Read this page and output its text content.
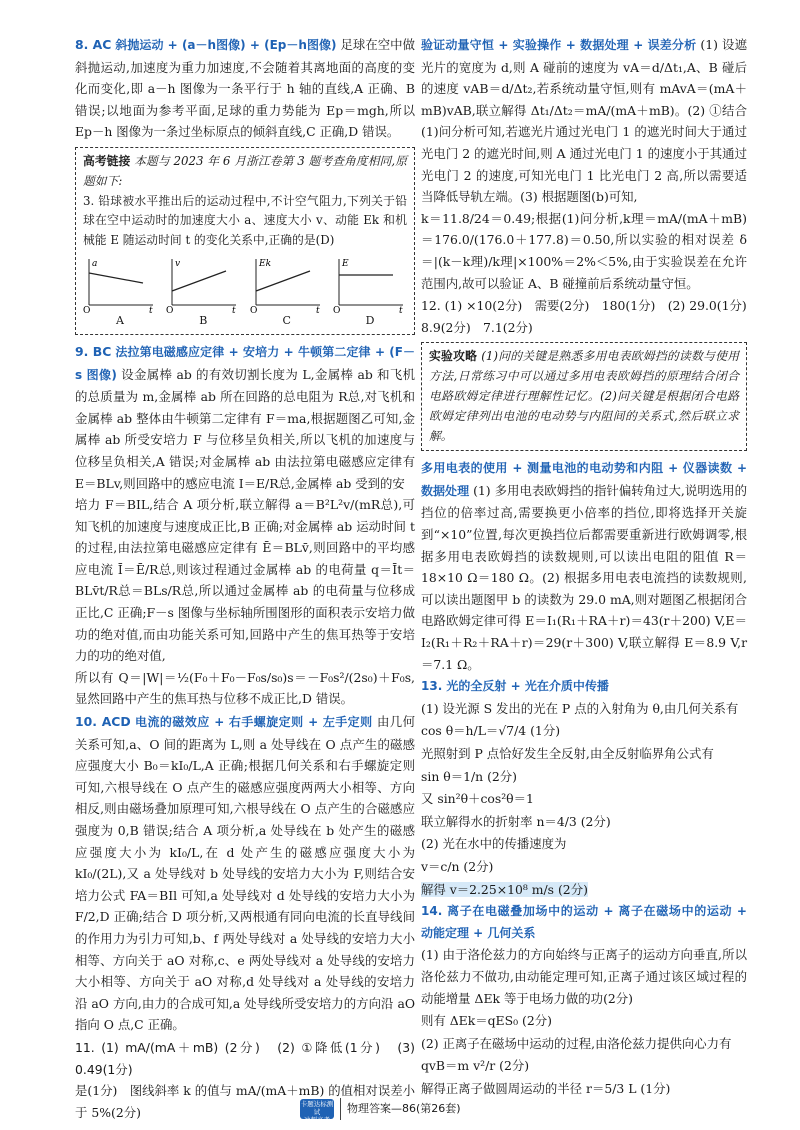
8. AC 斜抛运动 + (a－h图像) + (Ep－h图像) 足球在空中做斜抛运动,加速度为重力加速度,不会随着其离地面的高度的变化而变化,即 a－h 图像为一条平行于 h 轴的直线,A 正确、B 错误;以地面为参考平面,足球的重力势能为 Ep＝mgh,所以 Ep－h 图像为一条过坐标原点的倾斜直线,C 正确,D 错误。

高考链接 本题与 2023 年 6 月浙江卷第 3 题考查角度相同,原题如下:

3. 铅球被水平推出后的运动过程中,不计空气阻力,下列关于铅球在空中运动时的加速度大小 a、速度大小 v、动能 Ek 和机械能 E 随运动时间 t 的变化关系中,正确的是(D)

a
O	t
A
v
O	t
B
Ek
O	t
C
E
O	t
D

9. BC 法拉第电磁感应定律 + 安培力 + 牛顿第二定律 + (F－s 图像) 设金属棒 ab 的有效切割长度为 L,金属棒 ab 和飞机的总质量为 m,金属棒 ab 所在回路的总电阻为 R总,对飞机和金属棒 ab 整体由牛顿第二定律有 F＝ma,根据题图乙可知,金属棒 ab 所受安培力 F 与位移呈负相关,所以飞机的加速度与位移呈负相关,A 错误;对金属棒 ab 由法拉第电磁感应定律有 E＝BLv,则回路中的感应电流 I＝E/R总,金属棒 ab 受到的安

培力 F＝BIL,结合 A 项分析,联立解得 a＝B²L²v/(mR总),可知飞机的加速度与速度成正比,B 正确;对金属棒 ab 运动时间 t 的过程,由法拉第电磁感应定律有 Ē＝BLv̄,则回路中的平均感应电流 Ī＝Ē/R总,则该过程通过金属棒 ab 的电荷量 q＝Īt＝BLv̄t/R总＝BLs/R总,所以通过金属棒 ab 的电荷量与位移成正比,C 正确;F－s 图像与坐标轴所围图形的面积表示安培力做功的绝对值,而由功能关系可知,回路中产生的焦耳热等于安培力的功的绝对值,

所以有 Q＝|W|＝½(F₀＋F₀－F₀s/s₀)s＝－F₀s²/(2s₀)＋F₀s,显然回路中产生的焦耳热与位移不成正比,D 错误。

10. ACD 电流的磁效应 + 右手螺旋定则 + 左手定则 由几何关系可知,a、O 间的距离为 L,则 a 处导线在 O 点产生的磁感应强度大小 B₀＝kI₀/L,A 正确;根据几何关系和右手螺旋定则可知,六根导线在 O 点产生的磁感应强度两两大小相等、方向相反,则由磁场叠加原理可知,六根导线在 O 点产生的合磁感应强度为 0,B 错误;结合 A 项分析,a 处导线在 b 处产生的磁感应强度大小为 kI₀/L,在 d 处产生的磁感应强度大小为 kI₀/(2L),又 a 处导线对 b 处导线的安培力大小为 F,则结合安培力公式 FA＝BIl 可知,a 处导线对 d 处导线的安培力大小为 F/2,D 正确;结合 D 项分析,又两根通有同向电流的长直导线间的作用力为引力可知,b、f 两处导线对 a 处导线的安培力大小相等、方向关于 aO 对称,c、e 两处导线对 a 处导线的安培力大小相等、方向关于 aO 对称,d 处导线对 a 处导线的安培力沿 aO 方向,由力的合成可知,a 处导线所受安培力的方向沿 aO 指向 O 点,C 正确。

11. (1) mA/(mA＋mB) (2分)　(2) ①降低(1分)　(3) 0.49(1分)

是(1分)　图线斜率 k 的值与 mA/(mA＋mB) 的值相对误差小于 5%(2分)

验证动量守恒 + 实验操作 + 数据处理 + 误差分析 (1) 设遮光片的宽度为 d,则 A 碰前的速度为 vA＝d/Δt₁,A、B 碰后的速度 vAB＝d/Δt₂,若系统动量守恒,则有 mAvA＝(mA＋mB)vAB,联立解得 Δt₁/Δt₂＝mA/(mA＋mB)。(2) ①结合(1)问分析可知,若遮光片通过光电门 1 的遮光时间大于通过光电门 2 的遮光时间,则 A 通过光电门 1 的速度小于其通过光电门 2 的速度,可知光电门 1 比光电门 2 高,所以需要适当降低导轨左端。(3) 根据题图(b)可知,

k＝11.8/24＝0.49;根据(1)问分析,k理＝mA/(mA＋mB)＝176.0/(176.0＋177.8)＝0.50,所以实验的相对误差 δ＝|(k－k理)/k理|×100%＝2%＜5%,由于实验误差在允许范围内,故可以验证 A、B 碰撞前后系统动量守恒。

12. (1) ×10(2分)　需要(2分)　180(1分)　(2) 29.0(1分)

8.9(2分)　7.1(2分)

实验攻略 (1)问的关键是熟悉多用电表欧姆挡的读数与使用方法,日常练习中可以通过多用电表欧姆挡的原理结合闭合电路欧姆定律进行理解性记忆。(2)问关键是根据闭合电路欧姆定律列出电池的电动势与内阻间的关系式,然后联立求解。

多用电表的使用 + 测量电池的电动势和内阻 + 仪器读数 + 数据处理 (1) 多用电表欧姆挡的指针偏转角过大,说明选用的挡位的倍率过高,需要换更小倍率的挡位,即将选择开关旋到“×10”位置,每次更换挡位后都需要重新进行欧姆调零,根据多用电表欧姆挡的读数规则,可以读出电阻的阻值 R＝18×10 Ω＝180 Ω。(2) 根据多用电表电流挡的读数规则,可以读出题图甲 b 的读数为 29.0 mA,则对题图乙根据闭合电路欧姆定律可得 E＝I₁(R₁＋RA＋r)＝43(r＋200) V,E＝I₂(R₁＋R₂＋RA＋r)＝29(r＋300) V,联立解得 E＝8.9 V,r＝7.1 Ω。

13. 光的全反射 + 光在介质中传播

(1) 设光源 S 发出的光在 P 点的入射角为 θ,由几何关系有

cos θ＝h/L＝√7/4 (1分)

光照射到 P 点恰好发生全反射,由全反射临界角公式有

sin θ＝1/n (2分)

又 sin²θ＋cos²θ＝1

联立解得水的折射率 n＝4/3 (2分)

(2) 光在水中的传播速度为

v＝c/n (2分)

解得 v＝2.25×10⁸ m/s (2分)

14. 离子在电磁叠加场中的运动 + 离子在磁场中的运动 + 动能定理 + 几何关系

(1) 由于洛伦兹力的方向始终与正离子的运动方向垂直,所以洛伦兹力不做功,由动能定理可知,正离子通过该区域过程的动能增量 ΔEk 等于电场力做的功(2分)

则有 ΔEk＝qES₀ (2分)

(2) 正离子在磁场中运动的过程,由洛伦兹力提供向心力有

qvB＝m v²/r (2分)

解得正离子做圆周运动的半径 r＝5/3 L (1分)

卡题达标测试
冲刺高考
物理答案—86(第26套)
